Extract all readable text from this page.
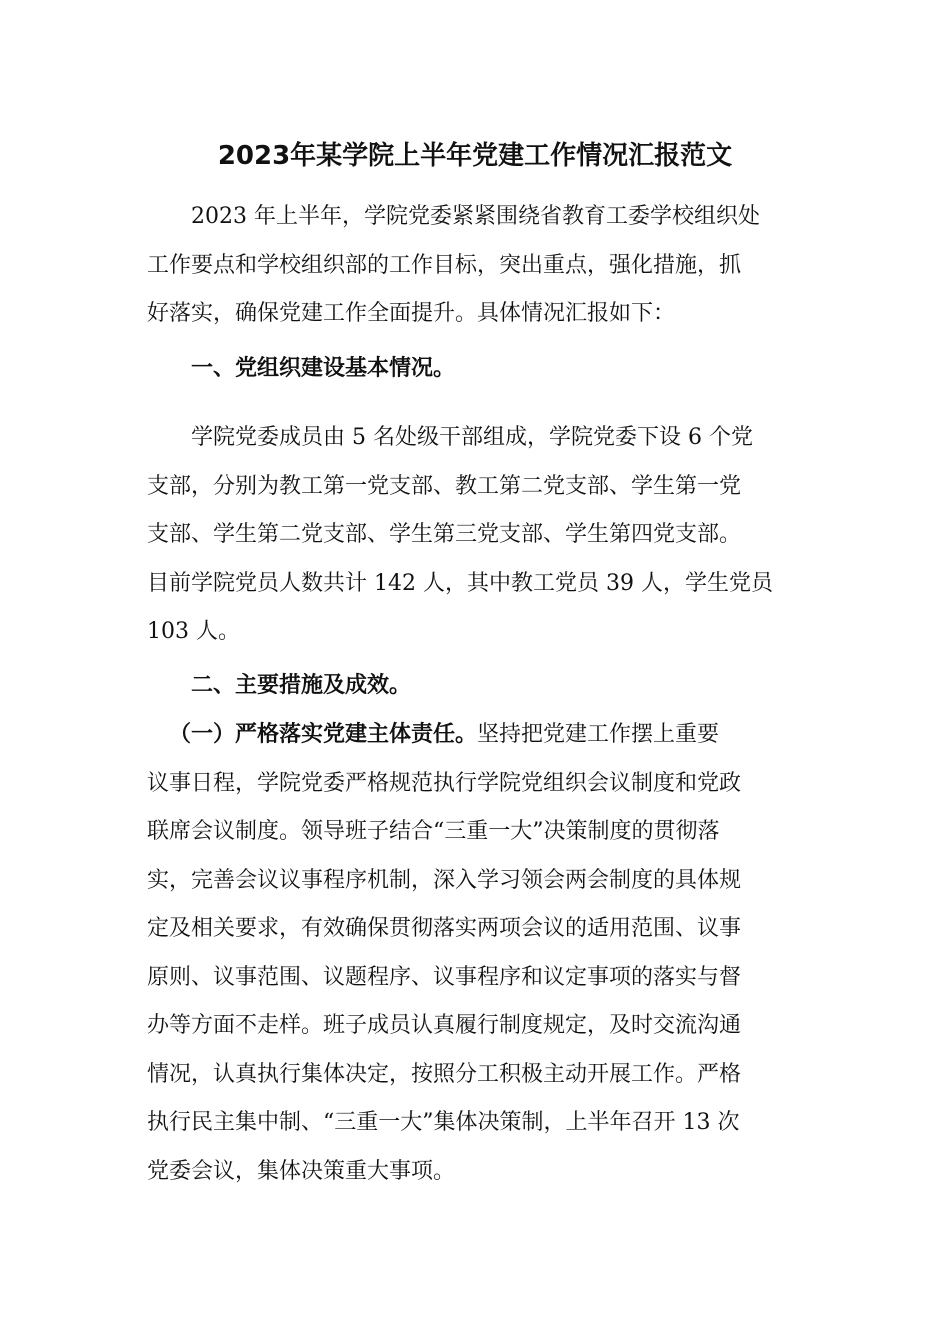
2023年某学院上半年党建工作情况汇报范文
2023 年上半年，学院党委紧紧围绕省教育工委学校组织处
工作要点和学校组织部的工作目标，突出重点，强化措施，抓
好落实，确保党建工作全面提升。具体情况汇报如下：
一、党组织建设基本情况。
学院党委成员由 5 名处级干部组成，学院党委下设 6 个党
支部，分别为教工第一党支部、教工第二党支部、学生第一党
支部、学生第二党支部、学生第三党支部、学生第四党支部。
目前学院党员人数共计 142 人，其中教工党员 39 人，学生党员
103 人。
二、主要措施及成效。
（一）严格落实党建主体责任。坚持把党建工作摆上重要
议事日程，学院党委严格规范执行学院党组织会议制度和党政
联席会议制度。领导班子结合“三重一大”决策制度的贯彻落
实，完善会议议事程序机制，深入学习领会两会制度的具体规
定及相关要求，有效确保贯彻落实两项会议的适用范围、议事
原则、议事范围、议题程序、议事程序和议定事项的落实与督
办等方面不走样。班子成员认真履行制度规定，及时交流沟通
情况，认真执行集体决定，按照分工积极主动开展工作。严格
执行民主集中制、“三重一大”集体决策制，上半年召开 13 次
党委会议，集体决策重大事项。
